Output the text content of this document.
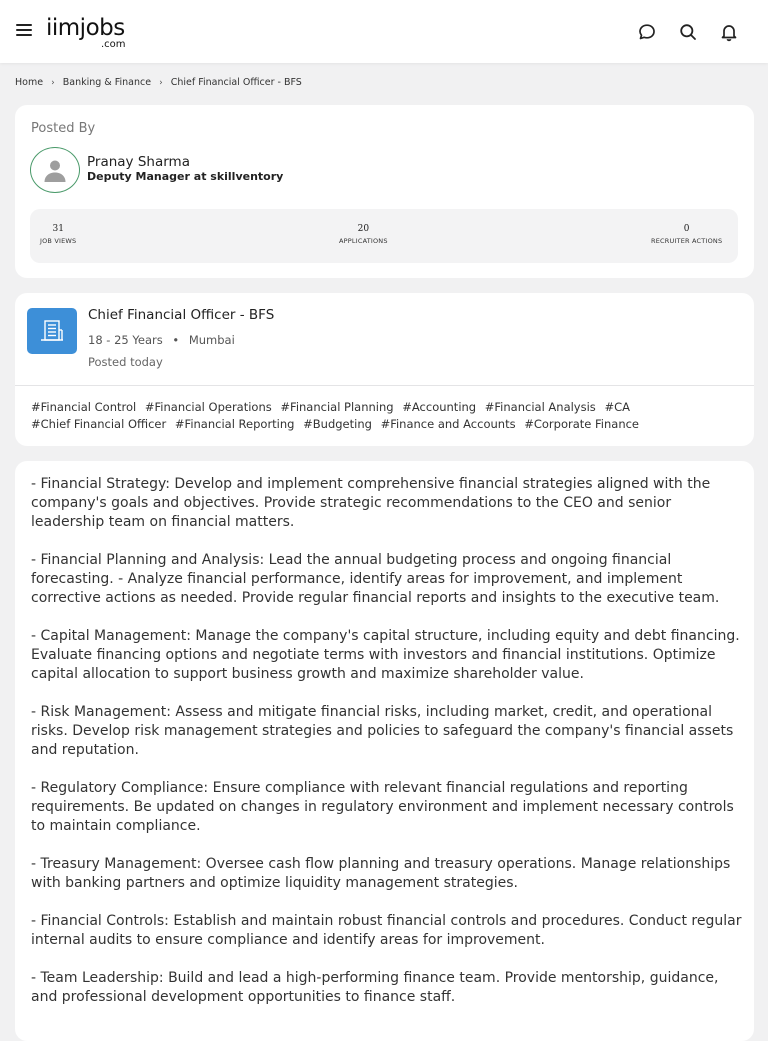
iimjobs
.com
Home › Banking & Finance › Chief Financial Officer - BFS
Posted By
Pranay Sharma
Deputy Manager at skillventory
31
JOB VIEWS
20
APPLICATIONS
0
RECRUITER ACTIONS
Chief Financial Officer - BFS
18 - 25 Years • Mumbai
Posted today
#Financial Control #Financial Operations #Financial Planning #Accounting #Financial Analysis #CA
#Chief Financial Officer #Financial Reporting #Budgeting #Finance and Accounts #Corporate Finance

- Financial Strategy: Develop and implement comprehensive financial strategies aligned with the company's goals and objectives. Provide strategic recommendations to the CEO and senior leadership team on financial matters.

- Financial Planning and Analysis: Lead the annual budgeting process and ongoing financial forecasting. - Analyze financial performance, identify areas for improvement, and implement corrective actions as needed. Provide regular financial reports and insights to the executive team.

- Capital Management: Manage the company's capital structure, including equity and debt financing. Evaluate financing options and negotiate terms with investors and financial institutions. Optimize capital allocation to support business growth and maximize shareholder value.

- Risk Management: Assess and mitigate financial risks, including market, credit, and operational risks. Develop risk management strategies and policies to safeguard the company's financial assets and reputation.

- Regulatory Compliance: Ensure compliance with relevant financial regulations and reporting requirements. Be updated on changes in regulatory environment and implement necessary controls to maintain compliance.

- Treasury Management: Oversee cash flow planning and treasury operations. Manage relationships with banking partners and optimize liquidity management strategies.

- Financial Controls: Establish and maintain robust financial controls and procedures. Conduct regular internal audits to ensure compliance and identify areas for improvement.

- Team Leadership: Build and lead a high-performing finance team. Provide mentorship, guidance, and professional development opportunities to finance staff.
